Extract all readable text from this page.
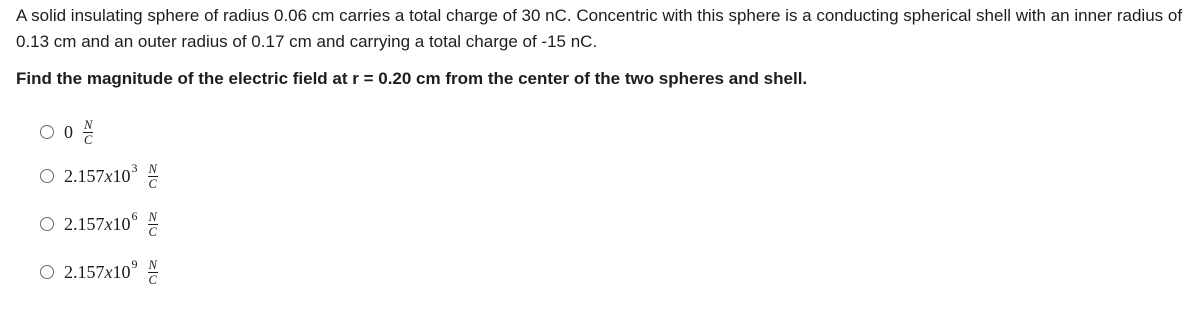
A solid insulating sphere of radius 0.06 cm carries a total charge of 30 nC. Concentric with this sphere is a conducting spherical shell with an inner radius of 0.13 cm and an outer radius of 0.17 cm and carrying a total charge of -15 nC.

Find the magnitude of the electric field at r = 0.20 cm from the center of the two spheres and shell.

$0 \frac{N}{C}$
2.157 x 10 $3 \frac{N}{C}$
2.157 x 10 $6 \frac{N}{C}$
2.157 x 10 $9 \frac{N}{C}$
